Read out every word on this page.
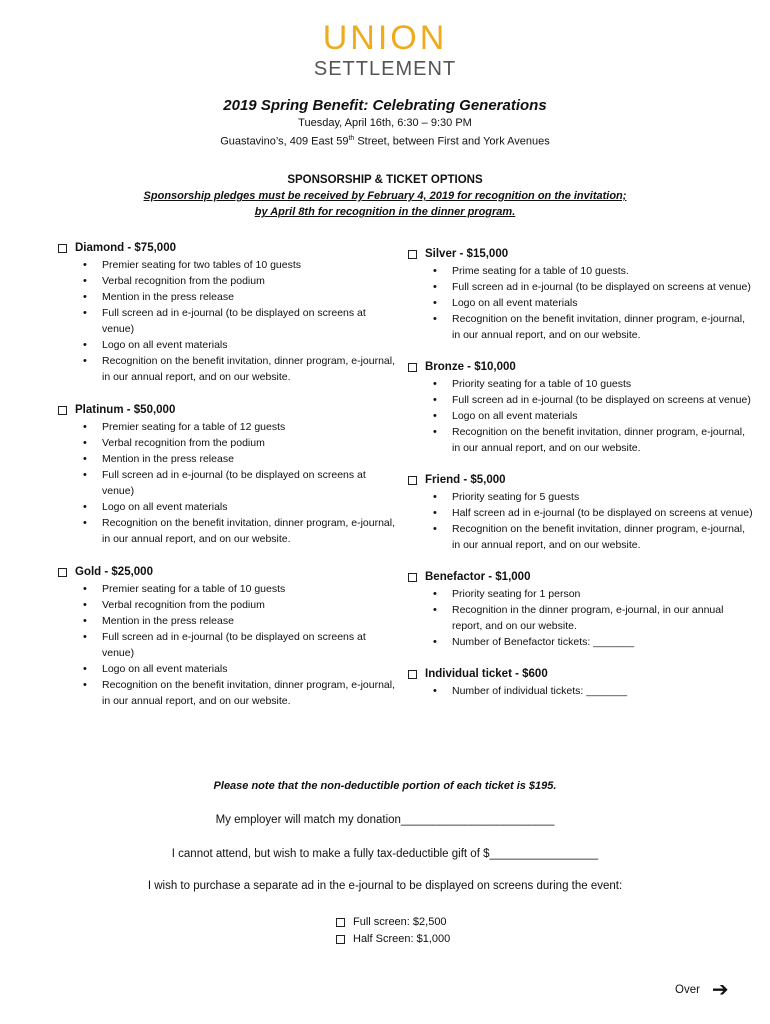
UNION
SETTLEMENT
2019 Spring Benefit: Celebrating Generations
Tuesday, April 16th, 6:30 – 9:30 PM
Guastavino’s, 409 East 59th Street, between First and York Avenues
SPONSORSHIP & TICKET OPTIONS
Sponsorship pledges must be received by February 4, 2019 for recognition on the invitation;
by April 8th for recognition in the dinner program.
Diamond - $75,000
• Premier seating for two tables of 10 guests
• Verbal recognition from the podium
• Mention in the press release
• Full screen ad in e-journal (to be displayed on screens at venue)
• Logo on all event materials
• Recognition on the benefit invitation, dinner program, e-journal, in our annual report, and on our website.
Platinum - $50,000
• Premier seating for a table of 12 guests
• Verbal recognition from the podium
• Mention in the press release
• Full screen ad in e-journal (to be displayed on screens at venue)
• Logo on all event materials
• Recognition on the benefit invitation, dinner program, e-journal, in our annual report, and on our website.
Gold - $25,000
• Premier seating for a table of 10 guests
• Verbal recognition from the podium
• Mention in the press release
• Full screen ad in e-journal (to be displayed on screens at venue)
• Logo on all event materials
• Recognition on the benefit invitation, dinner program, e-journal, in our annual report, and on our website.
Silver - $15,000
• Prime seating for a table of 10 guests.
• Full screen ad in e-journal (to be displayed on screens at venue)
• Logo on all event materials
• Recognition on the benefit invitation, dinner program, e-journal, in our annual report, and on our website.
Bronze - $10,000
• Priority seating for a table of 10 guests
• Full screen ad in e-journal (to be displayed on screens at venue)
• Logo on all event materials
• Recognition on the benefit invitation, dinner program, e-journal, in our annual report, and on our website.
Friend - $5,000
• Priority seating for 5 guests
• Half screen ad in e-journal (to be displayed on screens at venue)
• Recognition on the benefit invitation, dinner program, e-journal, in our annual report, and on our website.
Benefactor - $1,000
• Priority seating for 1 person
• Recognition in the dinner program, e-journal, in our annual report, and on our website.
• Number of Benefactor tickets: _______
Individual ticket - $600
• Number of individual tickets: _______
Please note that the non-deductible portion of each ticket is $195.
My employer will match my donation________________________
I cannot attend, but wish to make a fully tax-deductible gift of $_________________
I wish to purchase a separate ad in the e-journal to be displayed on screens during the event:
Full screen: $2,500
Half Screen: $1,000
Over ➔
